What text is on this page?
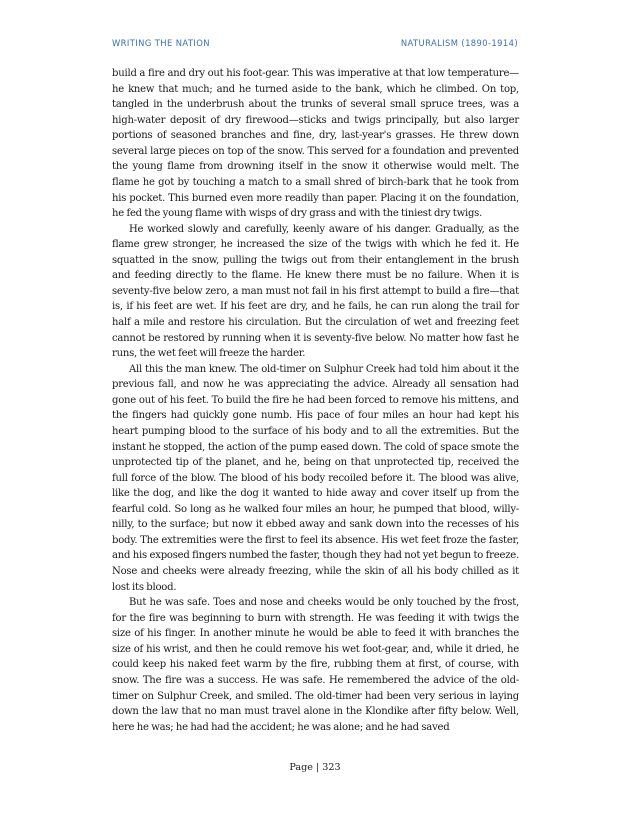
WRITING THE NATION	NATURALISM (1890-1914)

build a fire and dry out his foot-gear. This was imperative at that low temperature—he knew that much; and he turned aside to the bank, which he climbed. On top, tangled in the underbrush about the trunks of several small spruce trees, was a high-water deposit of dry firewood—sticks and twigs principally, but also larger portions of seasoned branches and fine, dry, last-year's grasses. He threw down several large pieces on top of the snow. This served for a foundation and prevented the young flame from drowning itself in the snow it otherwise would melt. The flame he got by touching a match to a small shred of birch-bark that he took from his pocket. This burned even more readily than paper. Placing it on the foundation, he fed the young flame with wisps of dry grass and with the tiniest dry twigs.

He worked slowly and carefully, keenly aware of his danger. Gradually, as the flame grew stronger, he increased the size of the twigs with which he fed it. He squatted in the snow, pulling the twigs out from their entanglement in the brush and feeding directly to the flame. He knew there must be no failure. When it is seventy-five below zero, a man must not fail in his first attempt to build a fire—that is, if his feet are wet. If his feet are dry, and he fails, he can run along the trail for half a mile and restore his circulation. But the circulation of wet and freezing feet cannot be restored by running when it is seventy-five below. No matter how fast he runs, the wet feet will freeze the harder.

All this the man knew. The old-timer on Sulphur Creek had told him about it the previous fall, and now he was appreciating the advice. Already all sensation had gone out of his feet. To build the fire he had been forced to remove his mittens, and the fingers had quickly gone numb. His pace of four miles an hour had kept his heart pumping blood to the surface of his body and to all the extremities. But the instant he stopped, the action of the pump eased down. The cold of space smote the unprotected tip of the planet, and he, being on that unprotected tip, received the full force of the blow. The blood of his body recoiled before it. The blood was alive, like the dog, and like the dog it wanted to hide away and cover itself up from the fearful cold. So long as he walked four miles an hour, he pumped that blood, willy-nilly, to the surface; but now it ebbed away and sank down into the recesses of his body. The extremities were the first to feel its absence. His wet feet froze the faster, and his exposed fingers numbed the faster, though they had not yet begun to freeze. Nose and cheeks were already freezing, while the skin of all his body chilled as it lost its blood.

But he was safe. Toes and nose and cheeks would be only touched by the frost, for the fire was beginning to burn with strength. He was feeding it with twigs the size of his finger. In another minute he would be able to feed it with branches the size of his wrist, and then he could remove his wet foot-gear, and, while it dried, he could keep his naked feet warm by the fire, rubbing them at first, of course, with snow. The fire was a success. He was safe. He remembered the advice of the old-timer on Sulphur Creek, and smiled. The old-timer had been very serious in laying down the law that no man must travel alone in the Klondike after fifty below. Well, here he was; he had had the accident; he was alone; and he had saved

Page | 323
